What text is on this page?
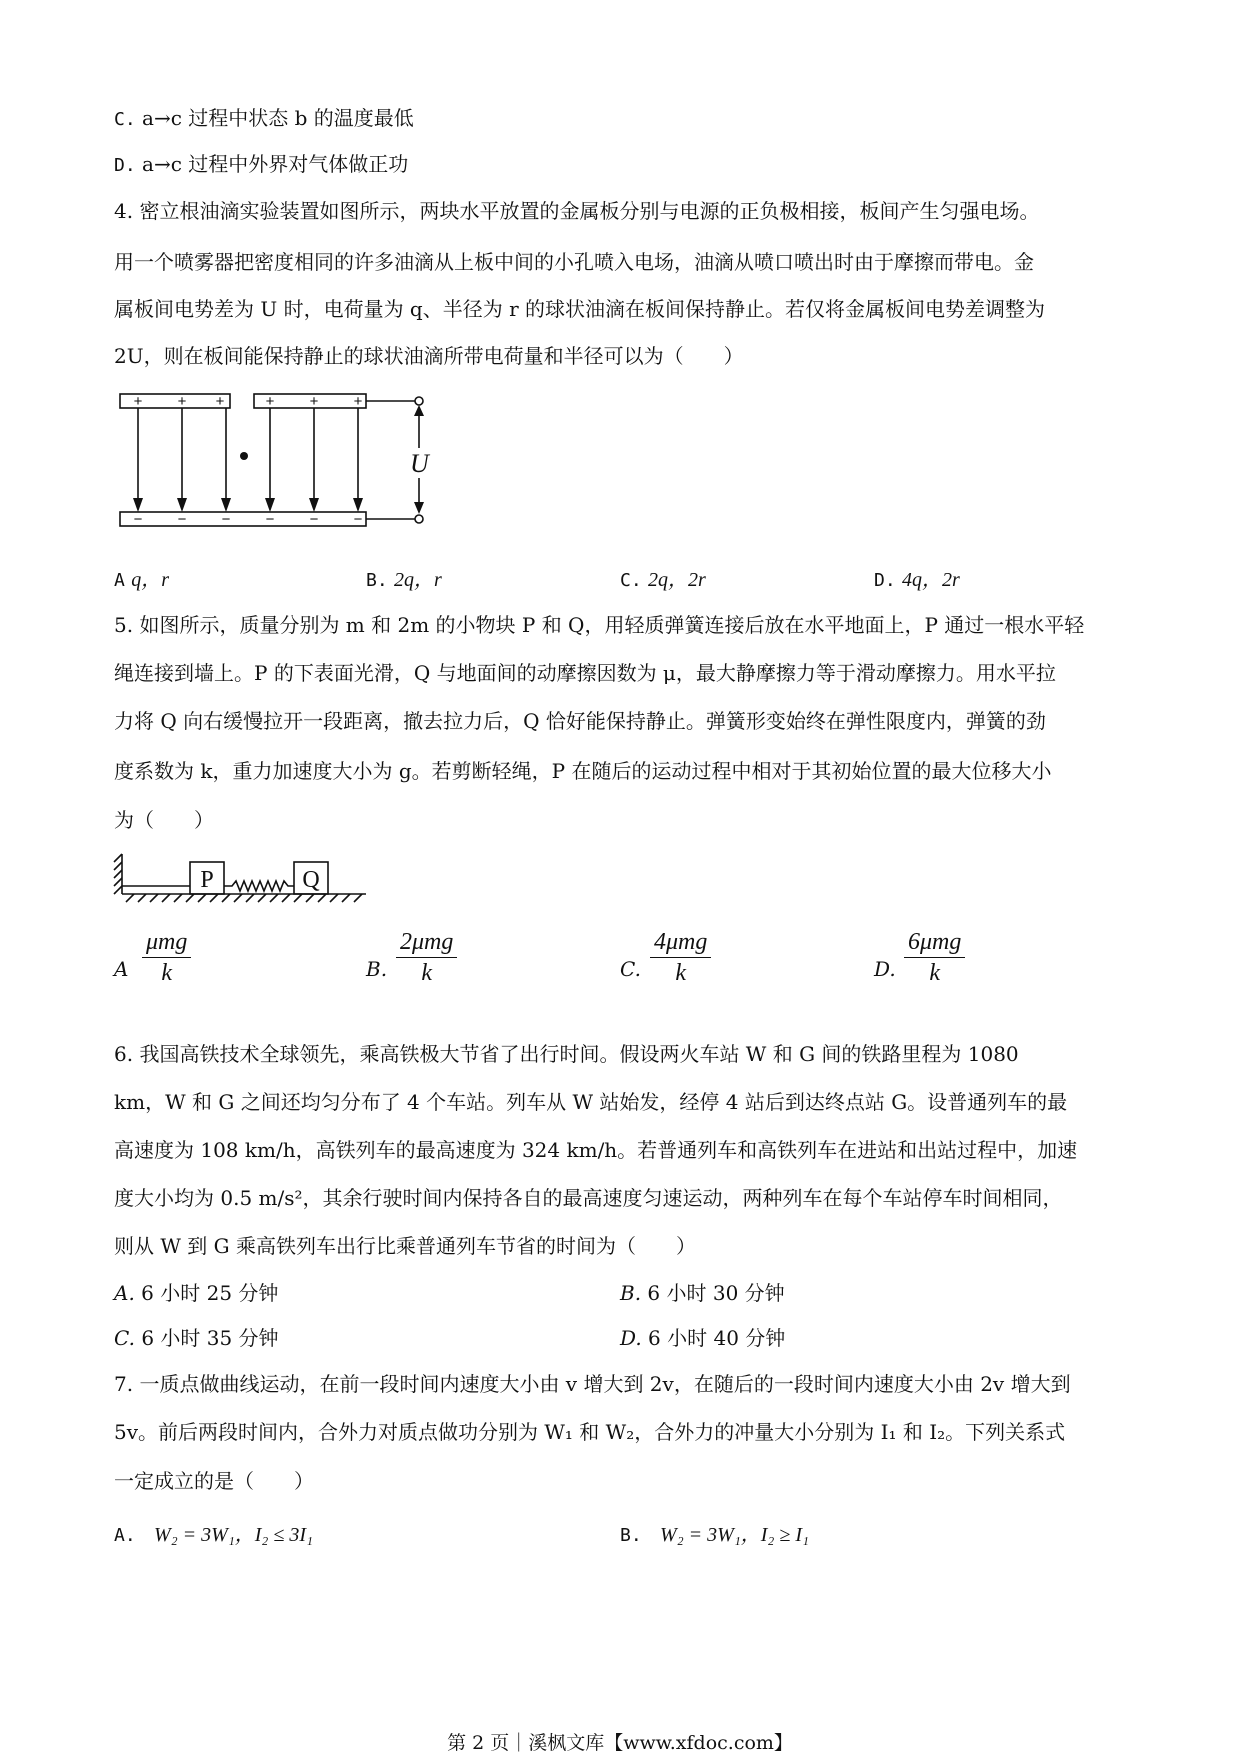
C. a→c 过程中状态 b 的温度最低
D. a→c 过程中外界对气体做正功
4. 密立根油滴实验装置如图所示，两块水平放置的金属板分别与电源的正负极相接，板间产生匀强电场。
用一个喷雾器把密度相同的许多油滴从上板中间的小孔喷入电场，油滴从喷口喷出时由于摩擦而带电。金
属板间电势差为 U 时，电荷量为 q、半径为 r 的球状油滴在板间保持静止。若仅将金属板间电势差调整为
2U，则在板间能保持静止的球状油滴所带电荷量和半径可以为（　　）
+ + +	+ + +
− − − − − −
U
A q，r	B. 2q，r	C. 2q，2r	D. 4q，2r
5. 如图所示，质量分别为 m 和 2m 的小物块 P 和 Q，用轻质弹簧连接后放在水平地面上，P 通过一根水平轻
绳连接到墙上。P 的下表面光滑，Q 与地面间的动摩擦因数为 μ，最大静摩擦力等于滑动摩擦力。用水平拉
力将 Q 向右缓慢拉开一段距离，撤去拉力后，Q 恰好能保持静止。弹簧形变始终在弹性限度内，弹簧的劲
度系数为 k，重力加速度大小为 g。若剪断轻绳，P 在随后的运动过程中相对于其初始位置的最大位移大小
为（　　）
P	Q
A
μmg
k	B.
2μmg
k	C.
4μmg
k	D.
6μmg
k
6. 我国高铁技术全球领先，乘高铁极大节省了出行时间。假设两火车站 W 和 G 间的铁路里程为 1080
km，W 和 G 之间还均匀分布了 4 个车站。列车从 W 站始发，经停 4 站后到达终点站 G。设普通列车的最
高速度为 108 km/h，高铁列车的最高速度为 324 km/h。若普通列车和高铁列车在进站和出站过程中，加速
度大小均为 0.5 m/s²，其余行驶时间内保持各自的最高速度匀速运动，两种列车在每个车站停车时间相同，
则从 W 到 G 乘高铁列车出行比乘普通列车节省的时间为（　　）
A. 6 小时 25 分钟	B. 6 小时 30 分钟
C. 6 小时 35 分钟	D. 6 小时 40 分钟
7. 一质点做曲线运动，在前一段时间内速度大小由 v 增大到 2v，在随后的一段时间内速度大小由 2v 增大到
5v。前后两段时间内，合外力对质点做功分别为 W₁ 和 W₂，合外力的冲量大小分别为 I₁ 和 I₂。下列关系式
一定成立的是（　　）
A. W₂ = 3W₁，I₂ ≤ 3I₁	B. W₂ = 3W₁，I₂ ≥ I₁
第 2 页｜溪枫文库【www.xfdoc.com】
